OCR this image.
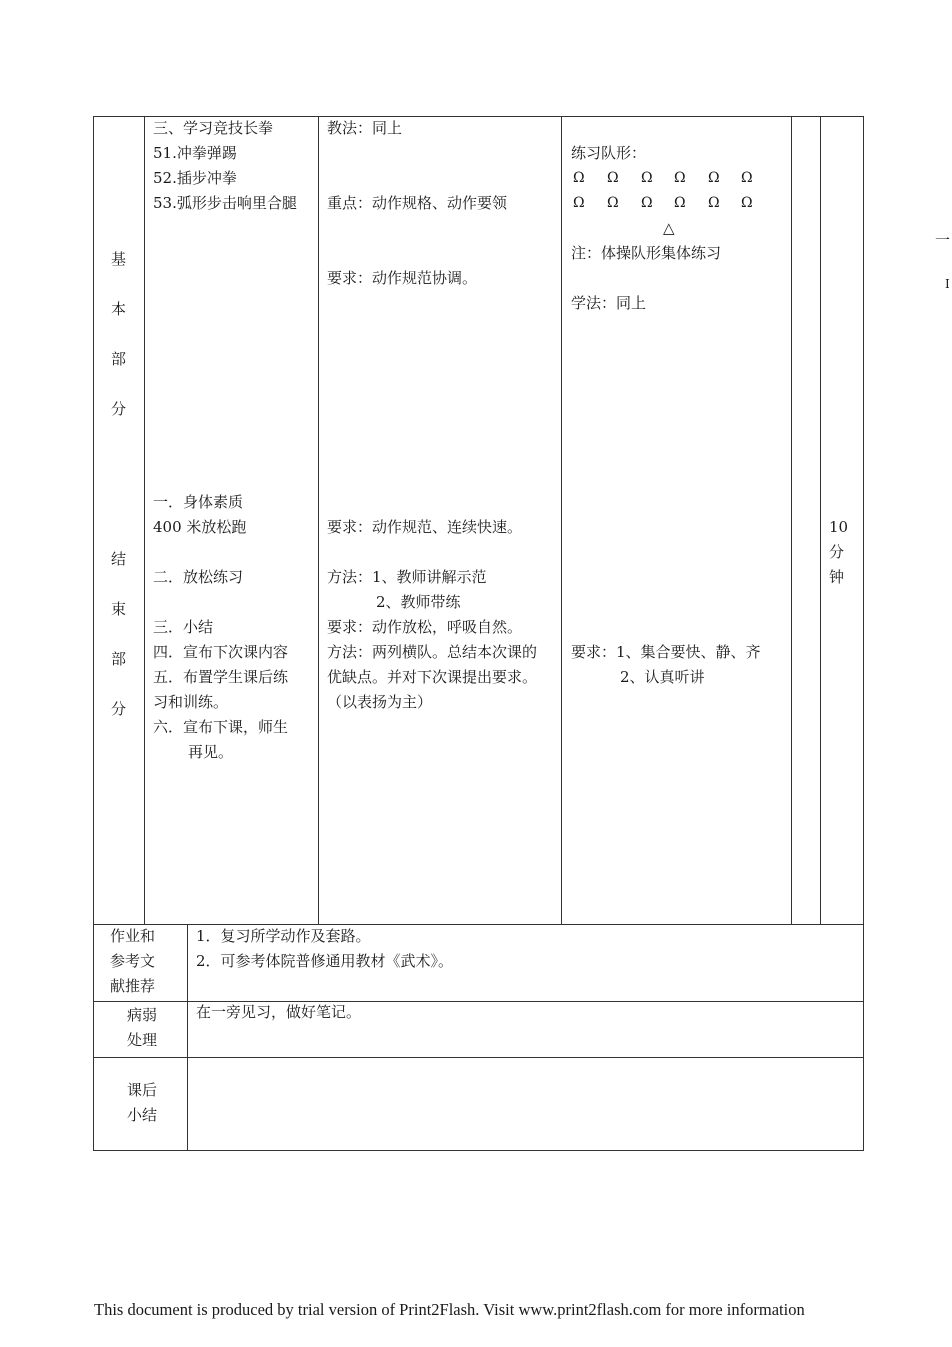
基
本
部
分
结
束
部
分
三、学习竞技长拳
51.冲拳弹踢
52.插步冲拳
53.弧形步击响里合腿
一．身体素质
400 米放松跑
二．放松练习
三．小结
四．宣布下次课内容
五．布置学生课后练
习和训练。
六．宣布下课，师生
再见。
教法：同上
重点：动作规格、动作要领
要求：动作规范协调。
要求：动作规范、连续快速。
方法：1、教师讲解示范
2、教师带练
要求：动作放松，呼吸自然。
方法：两列横队。总结本次课的
优缺点。并对下次课提出要求。
（以表扬为主）
练习队形：
Ω Ω Ω Ω Ω Ω
Ω Ω Ω Ω Ω Ω
△
注：体操队形集体练习
学法：同上
要求：1、集合要快、静、齐
2、认真听讲
10
分
钟
作业和
参考文
献推荐
1．复习所学动作及套路。
2．可参考体院普修通用教材《武术》。
病弱
处理
在一旁见习，做好笔记。
课后
小结
一
I
This document is produced by trial version of Print2Flash. Visit www.print2flash.com for more information
